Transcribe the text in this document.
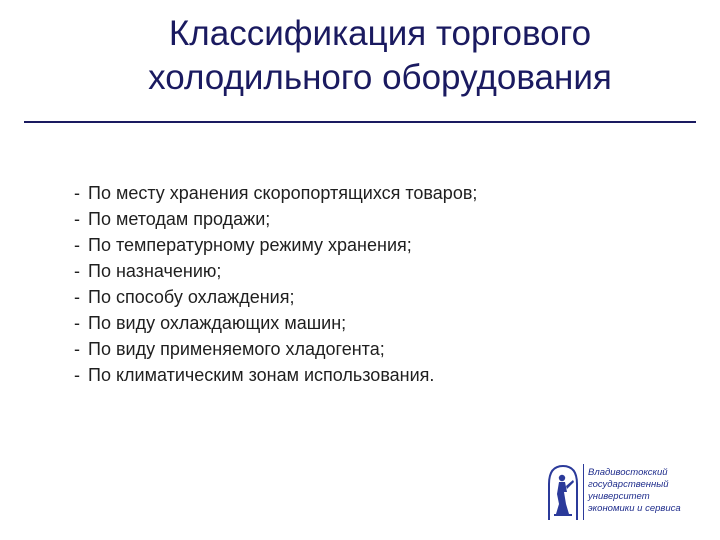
Классификация торгового
холодильного оборудования
- По месту хранения скоропортящихся товаров;
- По методам продажи;
- По температурному режиму хранения;
- По назначению;
- По способу охлаждения;
- По виду охлаждающих машин;
- По виду применяемого хладогента;
- По климатическим зонам использования.
Владивостокский
государственный
университет
экономики и сервиса
